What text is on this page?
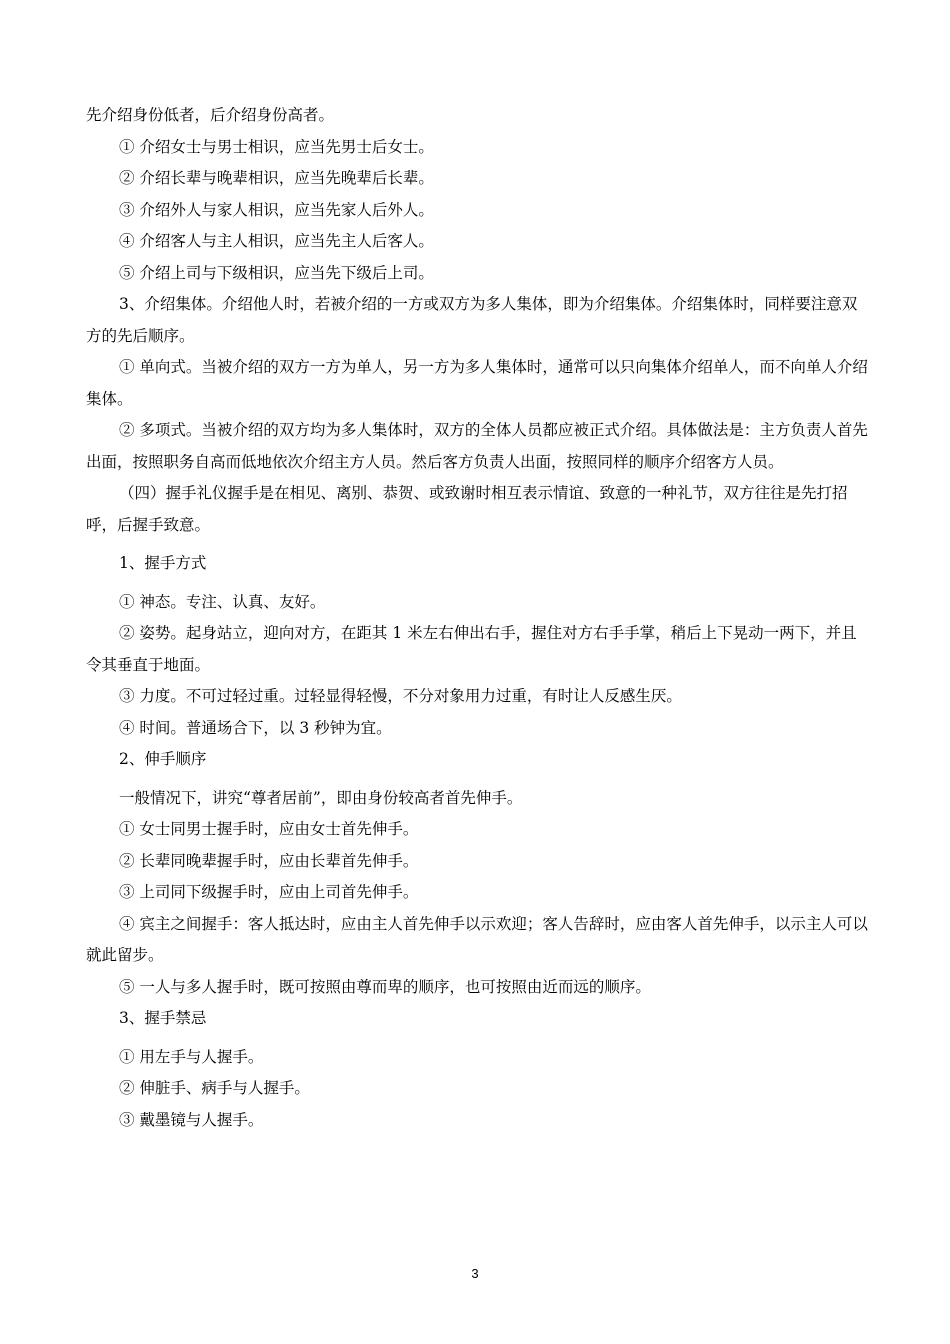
先介绍身份低者，后介绍身份高者。

① 介绍女士与男士相识，应当先男士后女士。

② 介绍长辈与晚辈相识，应当先晚辈后长辈。

③ 介绍外人与家人相识，应当先家人后外人。

④ 介绍客人与主人相识，应当先主人后客人。

⑤ 介绍上司与下级相识，应当先下级后上司。

3、介绍集体。介绍他人时，若被介绍的一方或双方为多人集体，即为介绍集体。介绍集体时，同样要注意双方的先后顺序。

① 单向式。当被介绍的双方一方为单人，另一方为多人集体时，通常可以只向集体介绍单人，而不向单人介绍集体。

② 多项式。当被介绍的双方均为多人集体时，双方的全体人员都应被正式介绍。具体做法是：主方负责人首先出面，按照职务自高而低地依次介绍主方人员。然后客方负责人出面，按照同样的顺序介绍客方人员。

（四）握手礼仪握手是在相见、离别、恭贺、或致谢时相互表示情谊、致意的一种礼节，双方往往是先打招呼，后握手致意。

1、握手方式

① 神态。专注、认真、友好。

② 姿势。起身站立，迎向对方，在距其 1 米左右伸出右手，握住对方右手手掌，稍后上下晃动一两下，并且令其垂直于地面。

③ 力度。不可过轻过重。过轻显得轻慢，不分对象用力过重，有时让人反感生厌。

④ 时间。普通场合下，以 3 秒钟为宜。

2、伸手顺序

一般情况下，讲究“尊者居前”，即由身份较高者首先伸手。

① 女士同男士握手时，应由女士首先伸手。

② 长辈同晚辈握手时，应由长辈首先伸手。

③ 上司同下级握手时，应由上司首先伸手。

④ 宾主之间握手：客人抵达时，应由主人首先伸手以示欢迎；客人告辞时，应由客人首先伸手，以示主人可以就此留步。

⑤ 一人与多人握手时，既可按照由尊而卑的顺序，也可按照由近而远的顺序。

3、握手禁忌

① 用左手与人握手。

② 伸脏手、病手与人握手。

③ 戴墨镜与人握手。

3
